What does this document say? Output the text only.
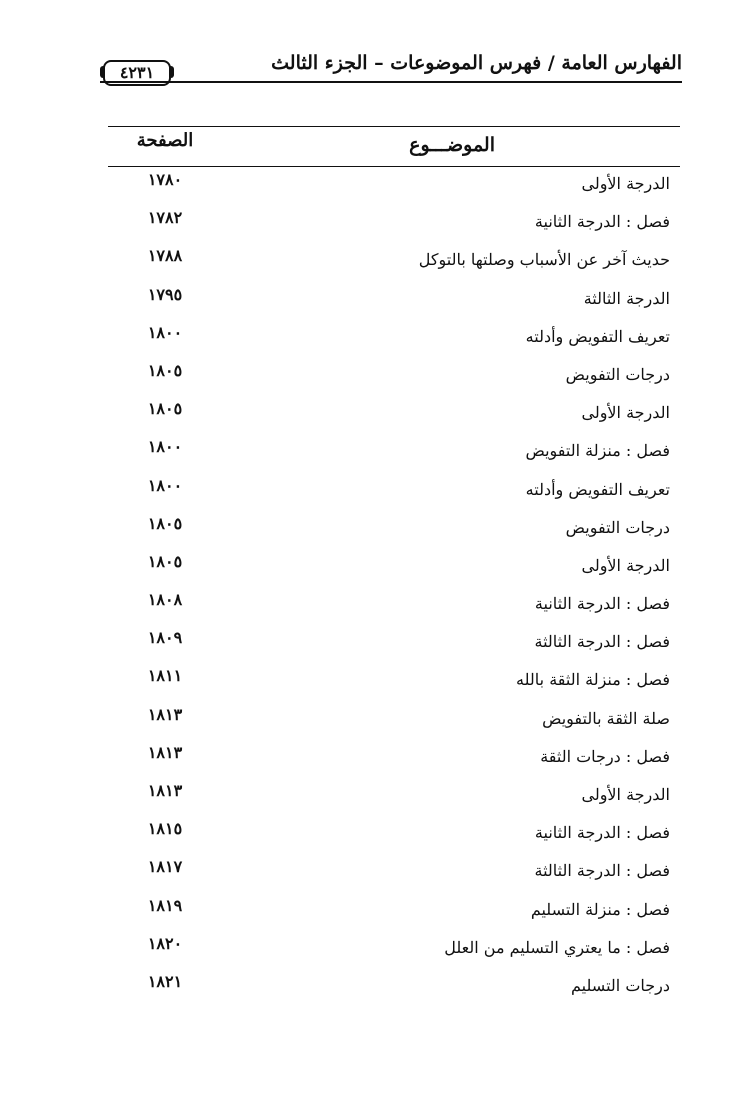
الفهارس العامة / فهرس الموضوعات – الجزء الثالث
٤٢٣١
الموضـــوع
الصفحة
الدرجة الأولى
١٧٨٠
فصل : الدرجة الثانية
١٧٨٢
حديث آخر عن الأسباب وصلتها بالتوكل
١٧٨٨
الدرجة الثالثة
١٧٩٥
تعريف التفويض وأدلته
١٨٠٠
درجات التفويض
١٨٠٥
الدرجة الأولى
١٨٠٥
فصل : منزلة التفويض
١٨٠٠
تعريف التفويض وأدلته
١٨٠٠
درجات التفويض
١٨٠٥
الدرجة الأولى
١٨٠٥
فصل : الدرجة الثانية
١٨٠٨
فصل : الدرجة الثالثة
١٨٠٩
فصل : منزلة الثقة بالله
١٨١١
صلة الثقة بالتفويض
١٨١٣
فصل : درجات الثقة
١٨١٣
الدرجة الأولى
١٨١٣
فصل : الدرجة الثانية
١٨١٥
فصل : الدرجة الثالثة
١٨١٧
فصل : منزلة التسليم
١٨١٩
فصل : ما يعتري التسليم من العلل
١٨٢٠
درجات التسليم
١٨٢١
